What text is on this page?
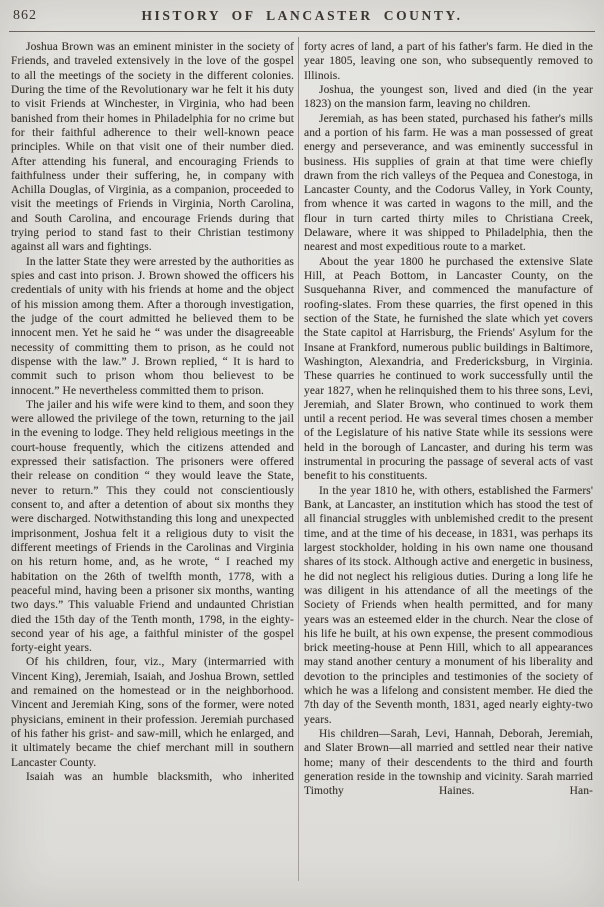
862	HISTORY OF LANCASTER COUNTY.

Joshua Brown was an eminent minister in the society of Friends, and traveled extensively in the love of the gospel to all the meetings of the society in the different colonies. During the time of the Revolutionary war he felt it his duty to visit Friends at Winchester, in Virginia, who had been banished from their homes in Philadelphia for no crime but for their faithful adherence to their well-known peace principles. While on that visit one of their number died. After attending his funeral, and encouraging Friends to faithfulness under their suffering, he, in company with Achilla Douglas, of Virginia, as a companion, proceeded to visit the meetings of Friends in Virginia, North Carolina, and South Carolina, and encourage Friends during that trying period to stand fast to their Christian testimony against all wars and fightings.

In the latter State they were arrested by the authorities as spies and cast into prison. J. Brown showed the officers his credentials of unity with his friends at home and the object of his mission among them. After a thorough investigation, the judge of the court admitted he believed them to be innocent men. Yet he said he “ was under the disagreeable necessity of committing them to prison, as he could not dispense with the law.” J. Brown replied, “ It is hard to commit such to prison whom thou believest to be innocent.” He nevertheless committed them to prison.

The jailer and his wife were kind to them, and soon they were allowed the privilege of the town, returning to the jail in the evening to lodge. They held religious meetings in the court-house frequently, which the citizens attended and expressed their satisfaction. The prisoners were offered their release on condition “ they would leave the State, never to return.” This they could not conscientiously consent to, and after a detention of about six months they were discharged. Notwithstanding this long and unexpected imprisonment, Joshua felt it a religious duty to visit the different meetings of Friends in the Carolinas and Virginia on his return home, and, as he wrote, “ I reached my habitation on the 26th of twelfth month, 1778, with a peaceful mind, having been a prisoner six months, wanting two days.” This valuable Friend and undaunted Christian died the 15th day of the Tenth month, 1798, in the eighty-second year of his age, a faithful minister of the gospel forty-eight years.

Of his children, four, viz., Mary (intermarried with Vincent King), Jeremiah, Isaiah, and Joshua Brown, settled and remained on the homestead or in the neighborhood. Vincent and Jeremiah King, sons of the former, were noted physicians, eminent in their profession. Jeremiah purchased of his father his grist- and saw-mill, which he enlarged, and it ultimately became the chief merchant mill in southern Lancaster County.

Isaiah was an humble blacksmith, who inherited

forty acres of land, a part of his father's farm. He died in the year 1805, leaving one son, who subsequently removed to Illinois.

Joshua, the youngest son, lived and died (in the year 1823) on the mansion farm, leaving no children.

Jeremiah, as has been stated, purchased his father's mills and a portion of his farm. He was a man possessed of great energy and perseverance, and was eminently successful in business. His supplies of grain at that time were chiefly drawn from the rich valleys of the Pequea and Conestoga, in Lancaster County, and the Codorus Valley, in York County, from whence it was carted in wagons to the mill, and the flour in turn carted thirty miles to Christiana Creek, Delaware, where it was shipped to Philadelphia, then the nearest and most expeditious route to a market.

About the year 1800 he purchased the extensive Slate Hill, at Peach Bottom, in Lancaster County, on the Susquehanna River, and commenced the manufacture of roofing-slates. From these quarries, the first opened in this section of the State, he furnished the slate which yet covers the State capitol at Harrisburg, the Friends' Asylum for the Insane at Frankford, numerous public buildings in Baltimore, Washington, Alexandria, and Fredericksburg, in Virginia. These quarries he continued to work successfully until the year 1827, when he relinquished them to his three sons, Levi, Jeremiah, and Slater Brown, who continued to work them until a recent period. He was several times chosen a member of the Legislature of his native State while its sessions were held in the borough of Lancaster, and during his term was instrumental in procuring the passage of several acts of vast benefit to his constituents.

In the year 1810 he, with others, established the Farmers' Bank, at Lancaster, an institution which has stood the test of all financial struggles with unblemished credit to the present time, and at the time of his decease, in 1831, was perhaps its largest stockholder, holding in his own name one thousand shares of its stock. Although active and energetic in business, he did not neglect his religious duties. During a long life he was diligent in his attendance of all the meetings of the Society of Friends when health permitted, and for many years was an esteemed elder in the church. Near the close of his life he built, at his own expense, the present commodious brick meeting-house at Penn Hill, which to all appearances may stand another century a monument of his liberality and devotion to the principles and testimonies of the society of which he was a lifelong and consistent member. He died the 7th day of the Seventh month, 1831, aged nearly eighty-two years.

His children—Sarah, Levi, Hannah, Deborah, Jeremiah, and Slater Brown—all married and settled near their native home; many of their descendents to the third and fourth generation reside in the township and vicinity. Sarah married Timothy Haines. Han-
